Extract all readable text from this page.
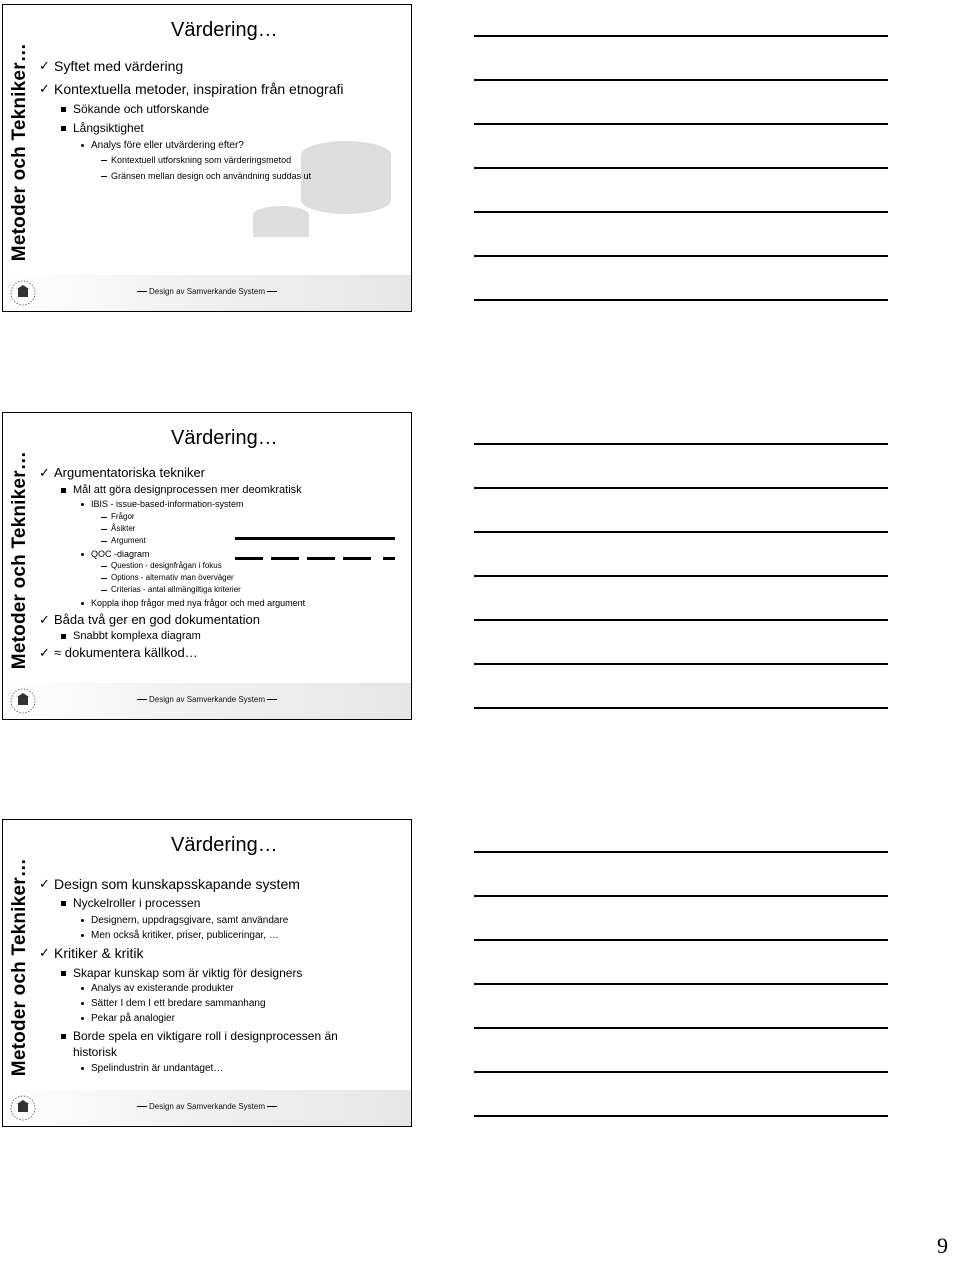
Metoder och Tekniker…
Värdering…
✓ Syftet med värdering
✓ Kontextuella metoder, inspiration från etnografi
Sökande och utforskande
Långsiktighet
Analys före eller utvärdering efter?
Kontextuell utforskning som värderingsmetod
Gränsen mellan design och användning suddas ut
Design av Samverkande System
Metoder och Tekniker…
Värdering…
✓ Argumentatoriska tekniker
Mål att göra designprocessen mer deomkratisk
IBIS - issue-based-information-system
Frågor
Åsikter
Argument
QOC -diagram
Question - designfrågan i fokus
Options - alternativ man överväger
Criterias - antal allmängiltiga kriterier
Koppla ihop frågor med nya frågor och med argument
✓ Båda två ger en god dokumentation
Snabbt komplexa diagram
✓ ≈ dokumentera källkod…
Design av Samverkande System
Metoder och Tekniker…
Värdering…
✓ Design som kunskapsskapande system
Nyckelroller i processen
Designern, uppdragsgivare, samt användare
Men också kritiker, priser, publiceringar, …
✓ Kritiker & kritik
Skapar kunskap som är viktig för designers
Analys av existerande produkter
Sätter I dem I ett bredare sammanhang
Pekar på analogier
Borde spela en viktigare roll i designprocessen än historisk
Spelindustrin är undantaget…
Design av Samverkande System
9
